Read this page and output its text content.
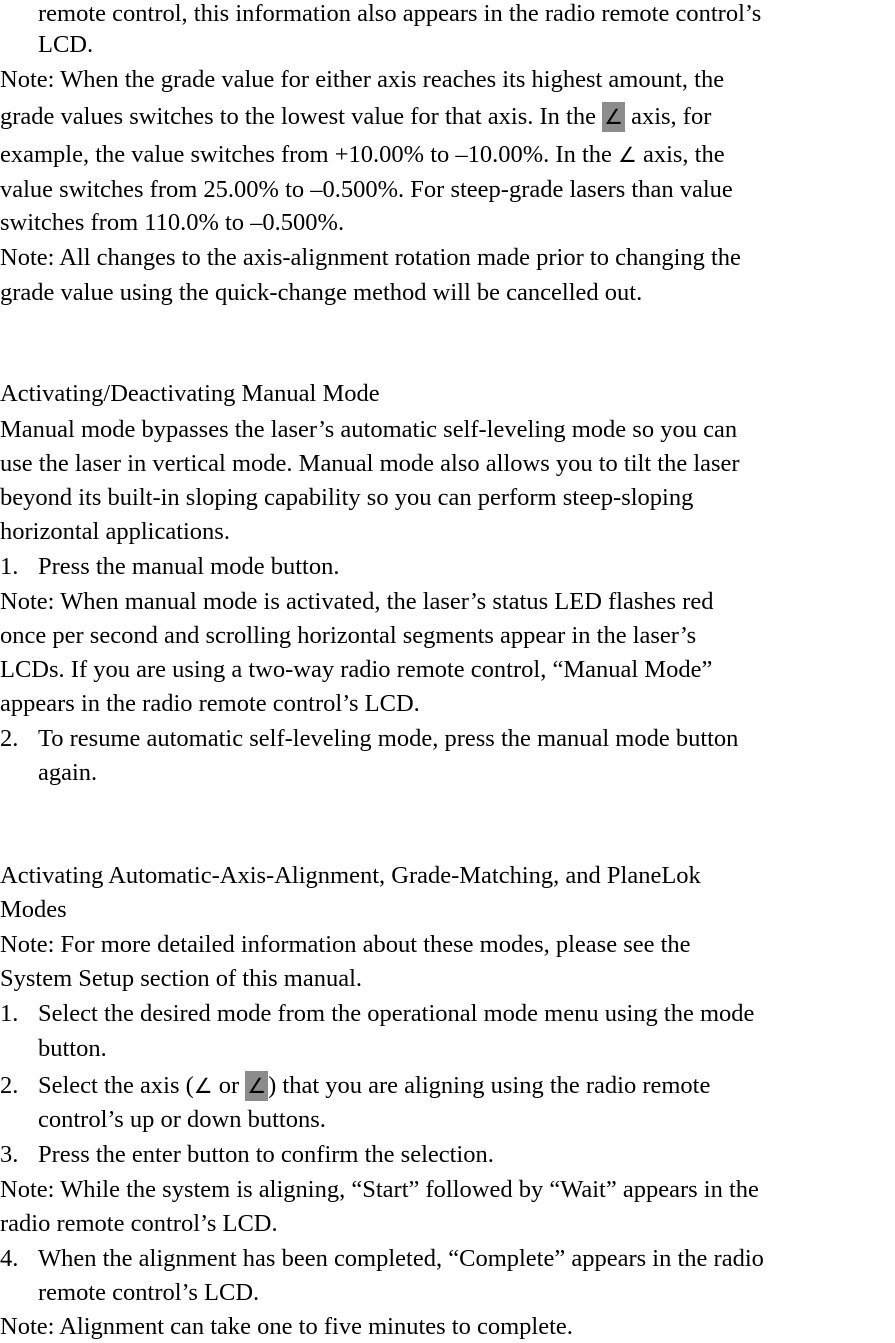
remote control, this information also appears in the radio remote control’s
LCD.
Note: When the grade value for either axis reaches its highest amount, the
grade values switches to the lowest value for that axis. In the ∠ axis, for
example, the value switches from +10.00% to –10.00%. In the ∠ axis, the
value switches from 25.00% to –0.500%. For steep-grade lasers than value
switches from 110.0% to –0.500%.
Note: All changes to the axis-alignment rotation made prior to changing the
grade value using the quick-change method will be cancelled out.
Activating/Deactivating Manual Mode
Manual mode bypasses the laser’s automatic self-leveling mode so you can
use the laser in vertical mode. Manual mode also allows you to tilt the laser
beyond its built-in sloping capability so you can perform steep-sloping
horizontal applications.
1. Press the manual mode button.
Note: When manual mode is activated, the laser’s status LED flashes red
once per second and scrolling horizontal segments appear in the laser’s
LCDs. If you are using a two-way radio remote control, “Manual Mode”
appears in the radio remote control’s LCD.
2. To resume automatic self-leveling mode, press the manual mode button
again.
Activating Automatic-Axis-Alignment, Grade-Matching, and PlaneLok
Modes
Note: For more detailed information about these modes, please see the
System Setup section of this manual.
1. Select the desired mode from the operational mode menu using the mode
button.
2. Select the axis (∠ or ∠) that you are aligning using the radio remote
control’s up or down buttons.
3. Press the enter button to confirm the selection.
Note: While the system is aligning, “Start” followed by “Wait” appears in the
radio remote control’s LCD.
4. When the alignment has been completed, “Complete” appears in the radio
remote control’s LCD.
Note: Alignment can take one to five minutes to complete.
